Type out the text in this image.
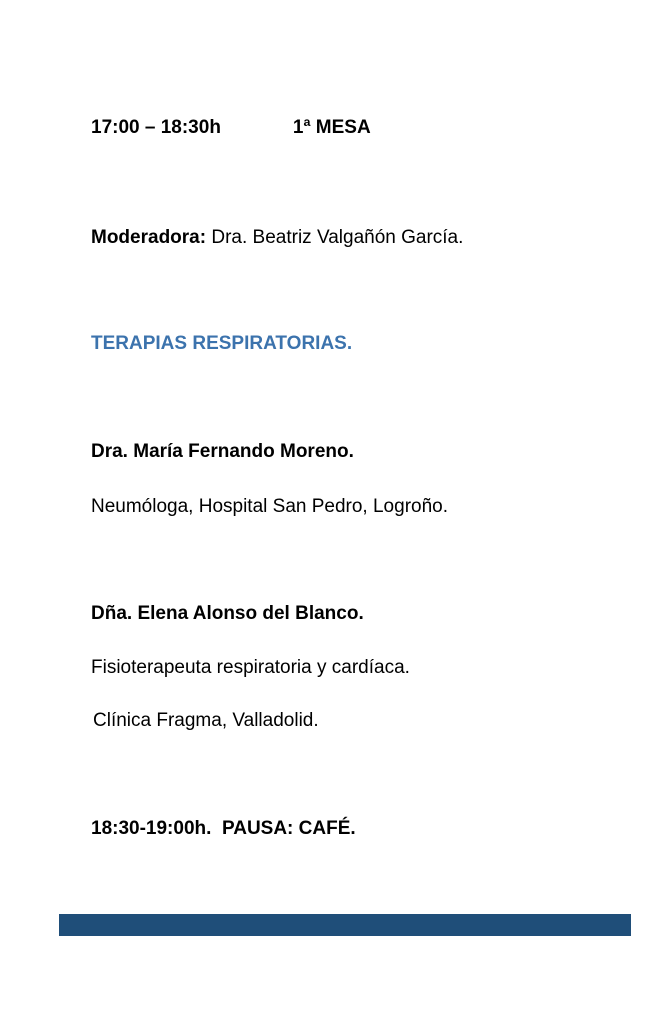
17:00 – 18:30h	1ª MESA
Moderadora: Dra. Beatriz Valgañón García.
TERAPIAS RESPIRATORIAS.
Dra. María Fernando Moreno.
Neumóloga, Hospital San Pedro, Logroño.
Dña. Elena Alonso del Blanco.
Fisioterapeuta respiratoria y cardíaca.
Clínica Fragma, Valladolid.
18:30-19:00h.  PAUSA: CAFÉ.
